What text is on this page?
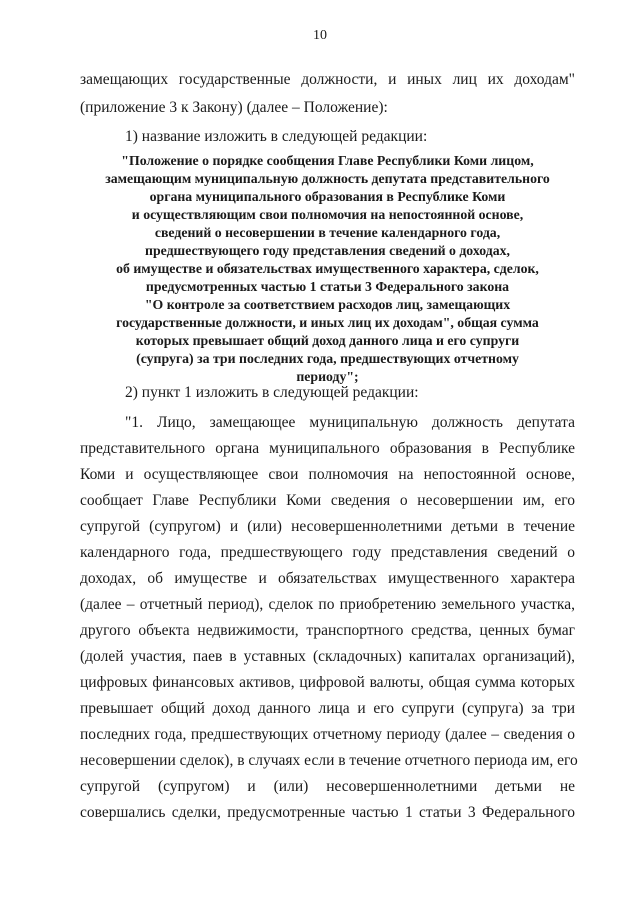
10
замещающих государственные должности, и иных лиц их доходам"
(приложение 3 к Закону) (далее – Положение):
1) название изложить в следующей редакции:
"Положение о порядке сообщения Главе Республики Коми лицом,
замещающим муниципальную должность депутата представительного
органа муниципального образования в Республике Коми
и осуществляющим свои полномочия на непостоянной основе,
сведений о несовершении в течение календарного года,
предшествующего году представления сведений о доходах,
об имуществе и обязательствах имущественного характера, сделок,
предусмотренных частью 1 статьи 3 Федерального закона
"О контроле за соответствием расходов лиц, замещающих
государственные должности, и иных лиц их доходам", общая сумма
которых превышает общий доход данного лица и его супруги
(супруга) за три последних года, предшествующих отчетному
периоду";
2) пункт 1 изложить в следующей редакции:
"1. Лицо, замещающее муниципальную должность депутата
представительного органа муниципального образования в Республике
Коми и осуществляющее свои полномочия на непостоянной основе,
сообщает Главе Республики Коми сведения о несовершении им, его
супругой (супругом) и (или) несовершеннолетними детьми в течение
календарного года, предшествующего году представления сведений о
доходах, об имуществе и обязательствах имущественного характера
(далее – отчетный период), сделок по приобретению земельного участка,
другого объекта недвижимости, транспортного средства, ценных бумаг
(долей участия, паев в уставных (складочных) капиталах организаций),
цифровых финансовых активов, цифровой валюты, общая сумма которых
превышает общий доход данного лица и его супруги (супруга) за три
последних года, предшествующих отчетному периоду (далее – сведения о
несовершении сделок), в случаях если в течение отчетного периода им, его
супругой (супругом) и (или) несовершеннолетними детьми не
совершались сделки, предусмотренные частью 1 статьи 3 Федерального
